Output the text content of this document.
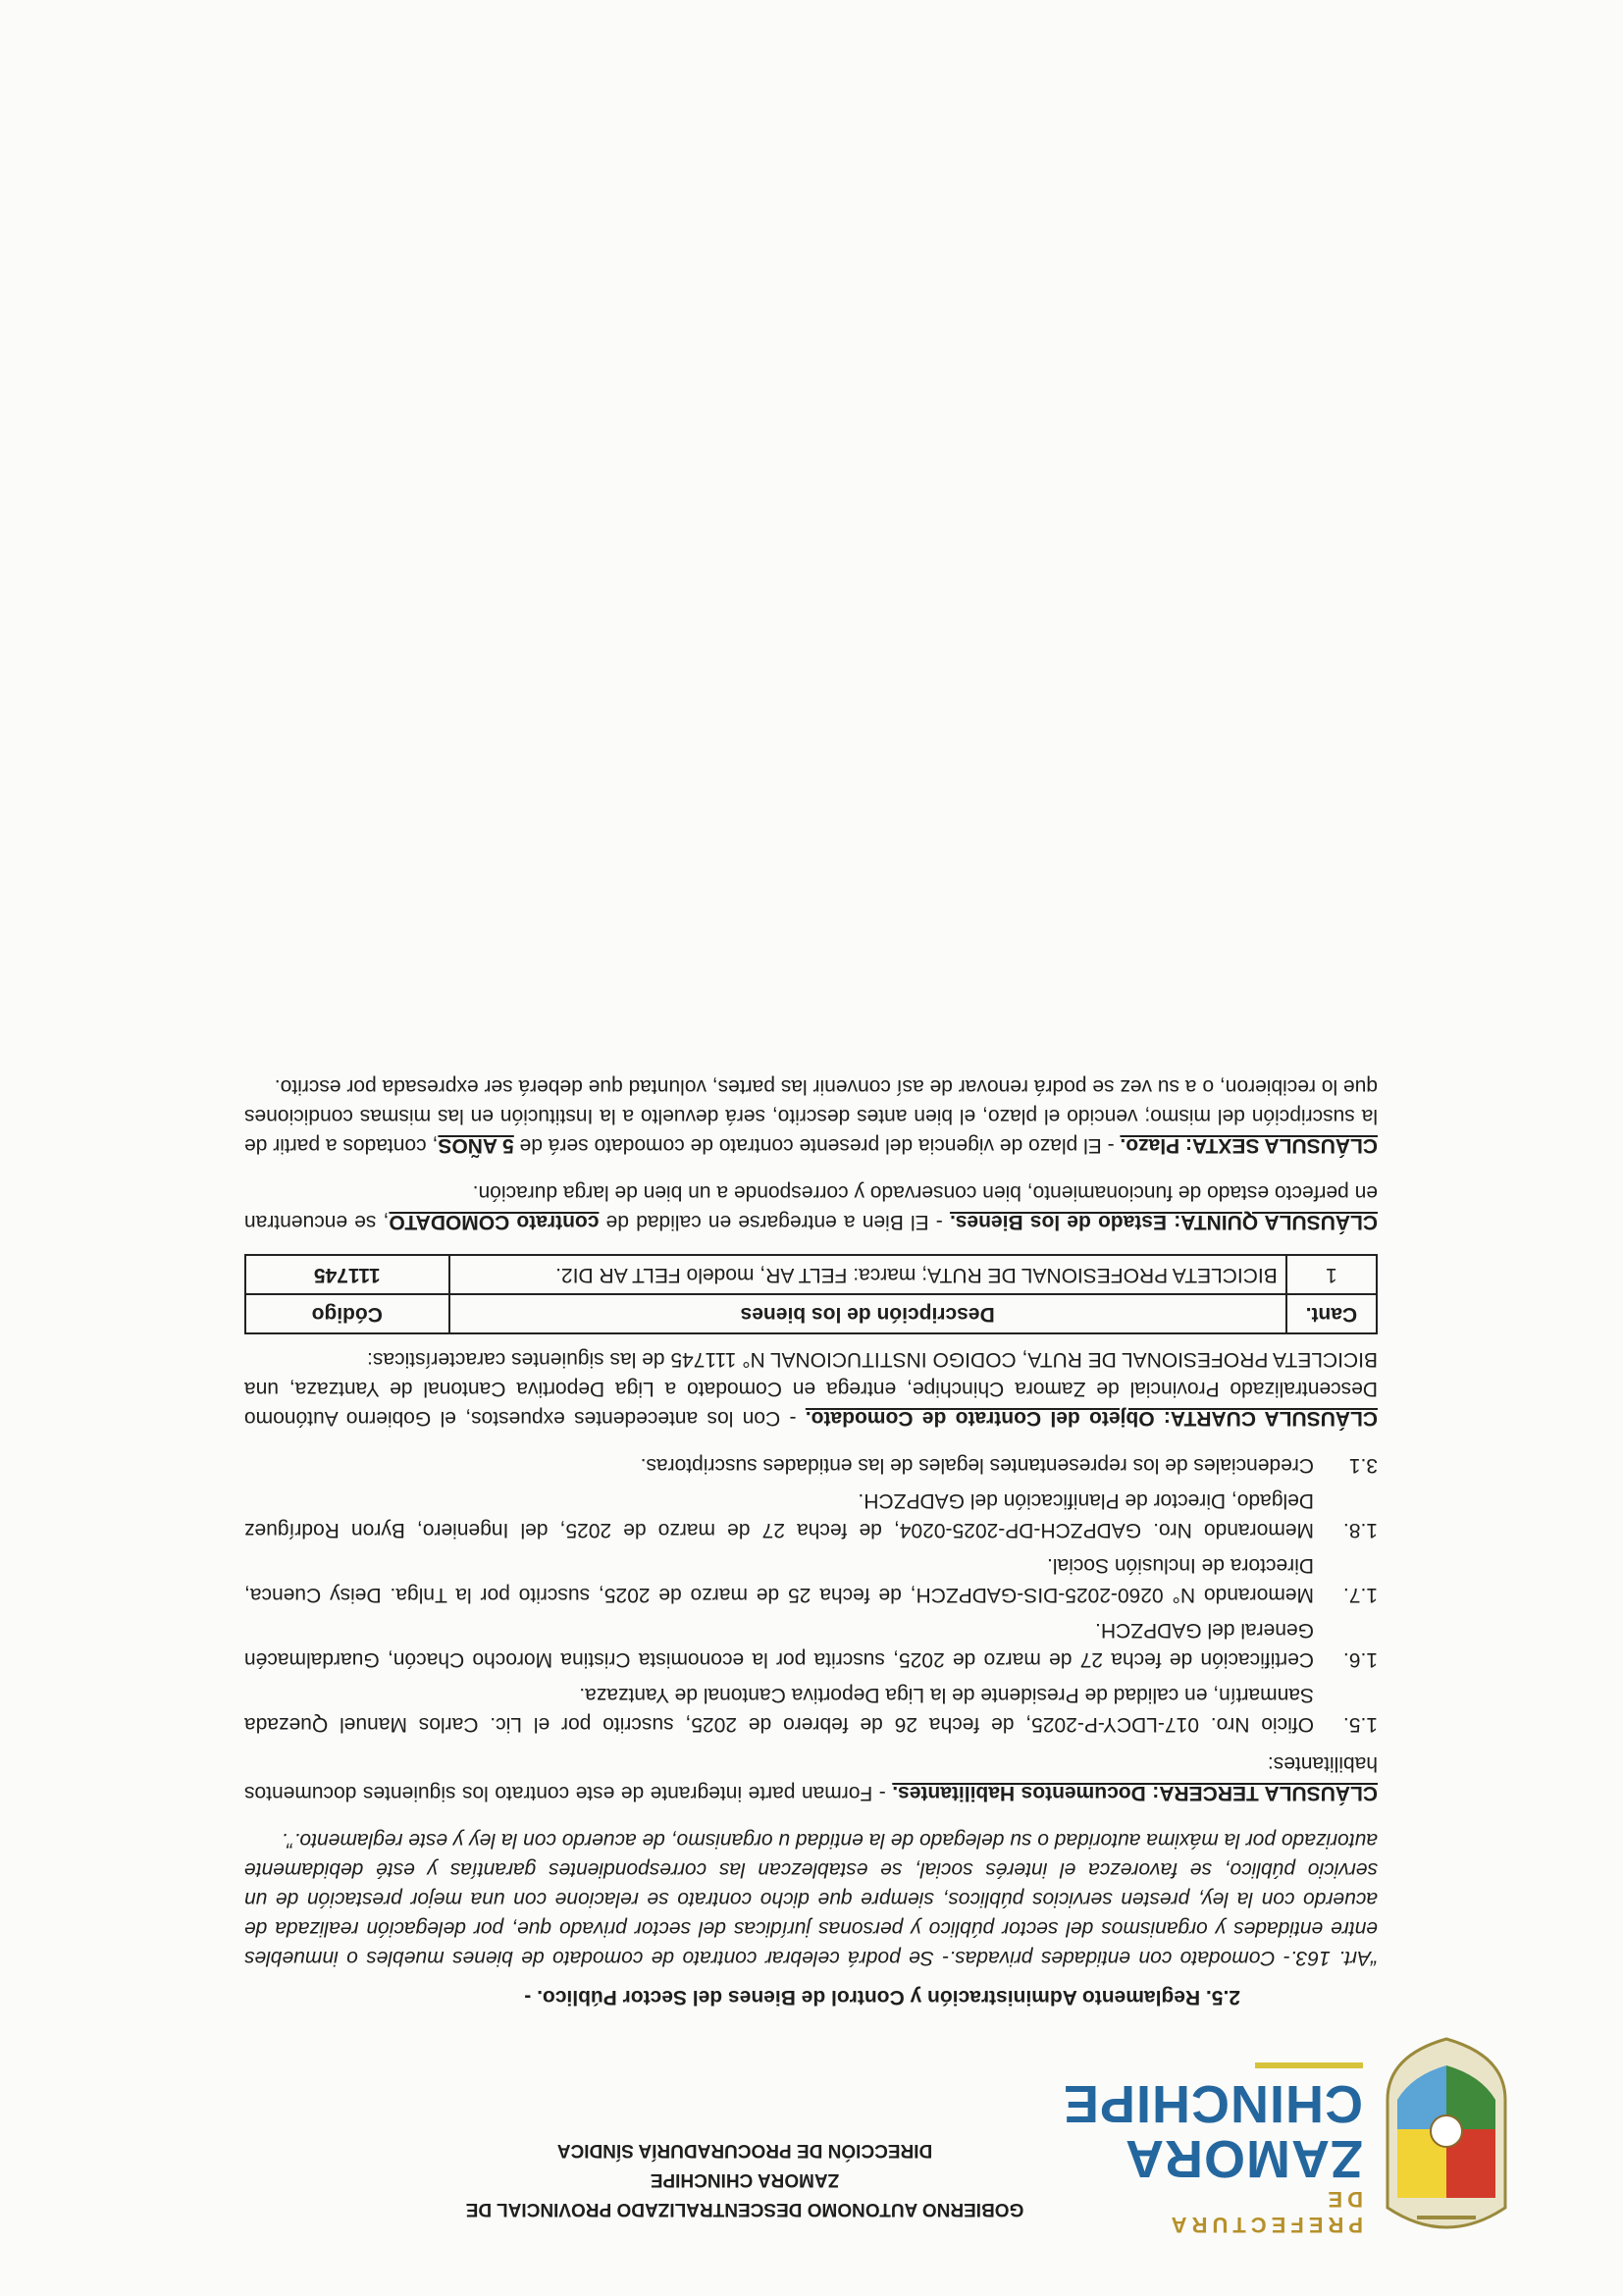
PREFECTURA DE
ZAMORA
CHINCHIPE
GOBIERNO AUTONOMO DESCENTRALIZADO PROVINCIAL DE
ZAMORA CHINCHIPE
DIRECCIÓN DE PROCURADURÍA SÍNDICA

2.5. Reglamento Administración y Control de Bienes del Sector Público. -

“Art. 163.- Comodato con entidades privadas.- Se podrá celebrar contrato de comodato de bienes muebles o inmuebles entre entidades y organismos del sector público y personas jurídicas del sector privado que, por delegación realizada de acuerdo con la ley, presten servicios públicos, siempre que dicho contrato se relacione con una mejor prestación de un servicio público, se favorezca el interés social, se establezcan las correspondientes garantías y esté debidamente autorizado por la máxima autoridad o su delegado de la entidad u organismo, de acuerdo con la ley y este reglamento.”.

CLÁUSULA TERCERA: Documentos Habilitantes. - Forman parte integrante de este contrato los siguientes documentos habilitantes:

1.5.
Oficio Nro. 017-LDCY-P-2025, de fecha 26 de febrero de 2025, suscrito por el Lic. Carlos Manuel Quezada Sanmartín, en calidad de Presidente de la Liga Deportiva Cantonal de Yantzaza.
1.6.
Certificación de fecha 27 de marzo de 2025, suscrita por la economista Cristina Morocho Chacón, Guardalmacén General del GADPZCH.
1.7.
Memorando N° 0260-2025-DIS-GADPZCH, de fecha 25 de marzo de 2025, suscrito por la Tnlga. Deisy Cuenca, Directora de Inclusión Social.
1.8.
Memorando Nro. GADPZCH-DP-2025-0204, de fecha 27 de marzo de 2025, del Ingeniero, Byron Rodríguez Delgado, Director de Planificación del GADPZCH.
3.1
Credenciales de los representantes legales de las entidades suscriptoras.

CLÁUSULA CUARTA: Objeto del Contrato de Comodato. - Con los antecedentes expuestos, el Gobierno Autónomo Descentralizado Provincial de Zamora Chinchipe, entrega en Comodato a Liga Deportiva Cantonal de Yantzaza, una BICICLETA PROFESIONAL DE RUTA, CODIGO INSTITUCIONAL N° 111745 de las siguientes características:

Cant.	Descripción de los bienes	Código
1	BICICLETA PROFESIONAL DE RUTA; marca: FELT AR, modelo FELT AR DI2.	111745

CLÁUSULA QUINTA: Estado de los Bienes. - El Bien a entregarse en calidad de contrato COMODATO, se encuentran en perfecto estado de funcionamiento, bien conservado y corresponde a un bien de larga duración.

CLÁUSULA SEXTA: Plazo. - El plazo de vigencia del presente contrato de comodato será de 5 AÑOS, contados a partir de la suscripción del mismo; vencido el plazo, el bien antes descrito, será devuelto a la Institución en las mismas condiciones que lo recibieron, o a su vez se podrá renovar de así convenir las partes, voluntad que deberá ser expresada por escrito.
